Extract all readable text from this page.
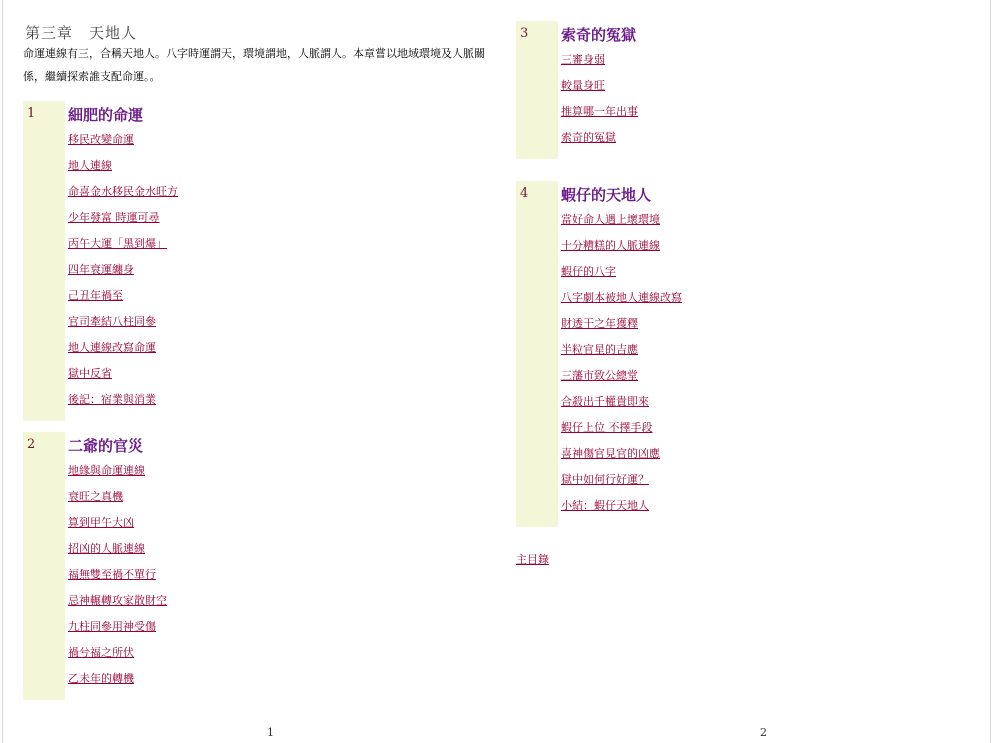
第三章　天地人
命運連線有三，合稱天地人。八字時運謂天，環境謂地，人脈謂人。本章嘗以地域環境及人脈關係，繼續探索誰支配命運。。
1 細肥的命運
移民改變命運
地人連線
命喜金水移民金水旺方
少年發富 時運可尋
丙午大運「黑到爆」
四年衰運纏身
己丑年禍至
官司牽結八柱同參
地人連線改寫命運
獄中反省
後記：宿業與消業
2 二爺的官災
地緣與命運連線
衰旺之真機
算到甲午大凶
招凶的人脈連線
福無雙至禍不單行
忌神輾轉攻家散財空
九柱同參用神受傷
禍兮福之所伏
乙未年的轉機
1
3 索奇的冤獄
三審身弱
較量身旺
推算哪一年出事
索奇的冤獄
4 蝦仔的天地人
當好命人遇上壞環境
十分糟糕的人脈連線
蝦仔的八字
八字劇本被地人連線改寫
財透干之年獲釋
半粒官星的吉應
三藩市致公總堂
合殺出千權貴即來
蝦仔上位 不擇手段
喜神傷官見官的凶應
獄中如何行好運？
小結：蝦仔天地人
主目錄
2
